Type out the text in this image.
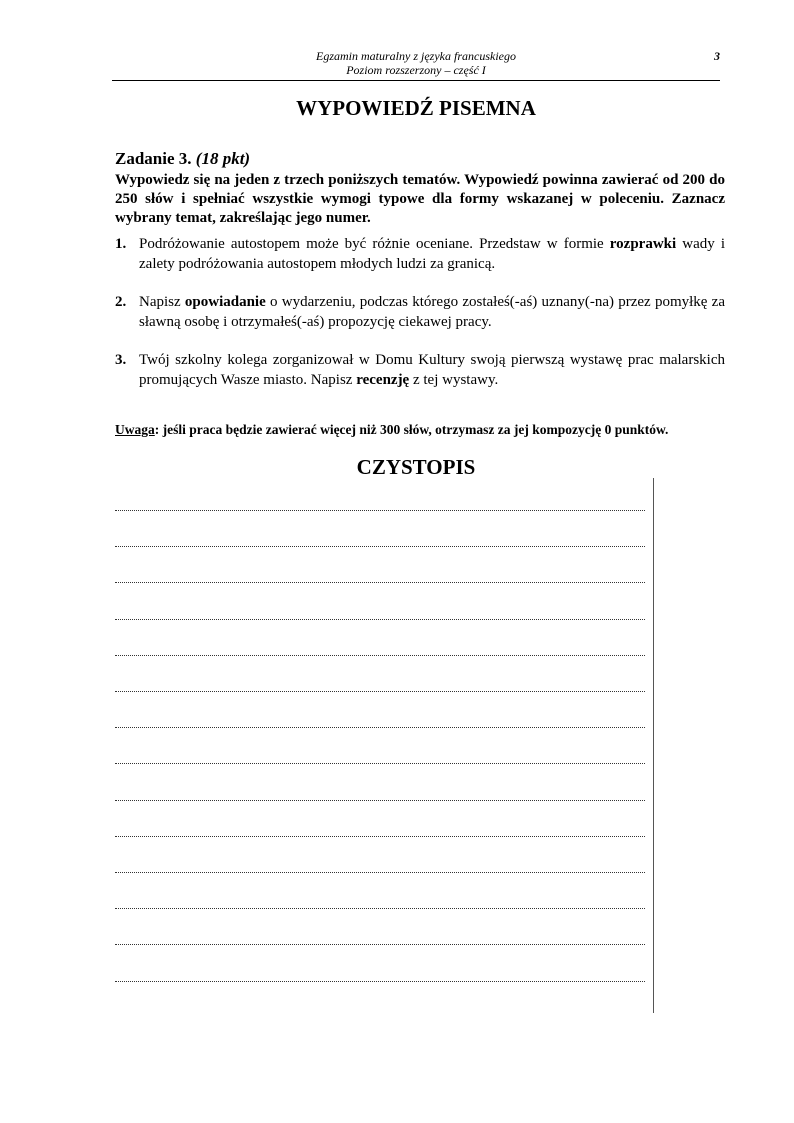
Egzamin maturalny z języka francuskiego
Poziom rozszerzony – część I
3
WYPOWIEDŹ PISEMNA
Zadanie 3. (18 pkt)
Wypowiedz się na jeden z trzech poniższych tematów. Wypowiedź powinna zawierać od 200 do 250 słów i spełniać wszystkie wymogi typowe dla formy wskazanej w poleceniu. Zaznacz wybrany temat, zakreślając jego numer.
1. Podróżowanie autostopem może być różnie oceniane. Przedstaw w formie rozprawki wady i zalety podróżowania autostopem młodych ludzi za granicą.
2. Napisz opowiadanie o wydarzeniu, podczas którego zostałeś(-aś) uznany(-na) przez pomyłkę za sławną osobę i otrzymałeś(-aś) propozycję ciekawej pracy.
3. Twój szkolny kolega zorganizował w Domu Kultury swoją pierwszą wystawę prac malarskich promujących Wasze miasto. Napisz recenzję z tej wystawy.
Uwaga: jeśli praca będzie zawierać więcej niż 300 słów, otrzymasz za jej kompozycję 0 punktów.
CZYSTOPIS
